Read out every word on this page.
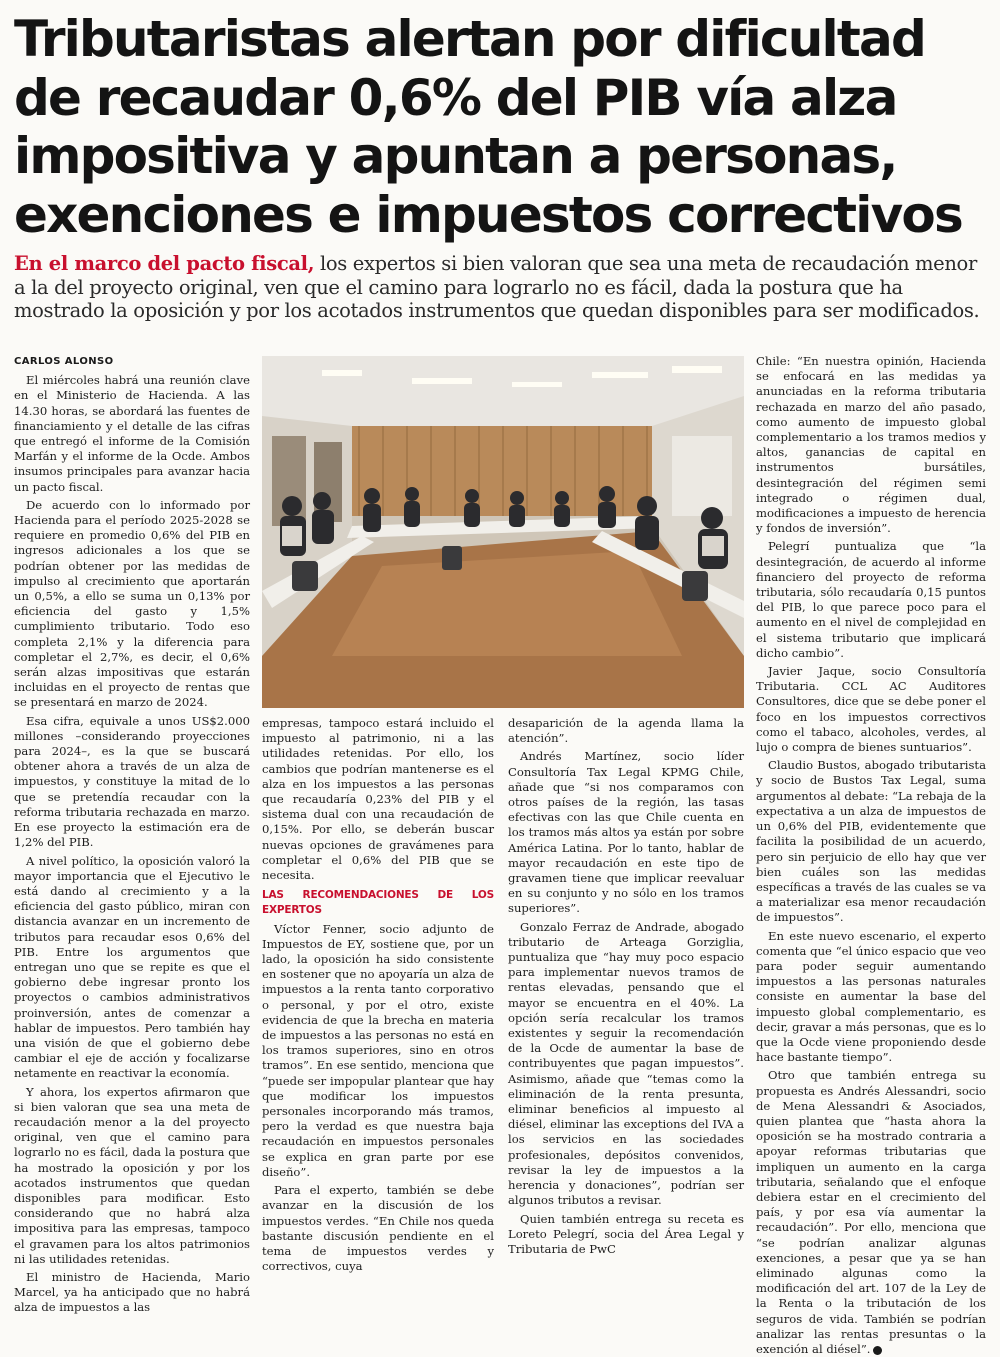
Tributaristas alertan por dificultad de recaudar 0,6% del PIB vía alza impositiva y apuntan a personas, exenciones e impuestos correctivos
En el marco del pacto fiscal, los expertos si bien valoran que sea una meta de recaudación menor a la del proyecto original, ven que el camino para lograrlo no es fácil, dada la postura que ha mostrado la oposición y por los acotados instrumentos que quedan disponibles para ser modificados.
CARLOS ALONSO

El miércoles habrá una reunión clave en el Ministerio de Hacienda. A las 14.30 horas, se abordará las fuentes de financiamiento y el detalle de las cifras que entregó el informe de la Comisión Marfán y el informe de la Ocde. Ambos insumos principales para avanzar hacia un pacto fiscal.

De acuerdo con lo informado por Hacienda para el período 2025-2028 se requiere en promedio 0,6% del PIB en ingresos adicionales a los que se podrían obtener por las medidas de impulso al crecimiento que aportarán un 0,5%, a ello se suma un 0,13% por eficiencia del gasto y 1,5% cumplimiento tributario. Todo eso completa 2,1% y la diferencia para completar el 2,7%, es decir, el 0,6% serán alzas impositivas que estarán incluidas en el proyecto de rentas que se presentará en marzo de 2024.

Esa cifra, equivale a unos US$2.000 millones –considerando proyecciones para 2024–, es la que se buscará obtener ahora a través de un alza de impuestos, y constituye la mitad de lo que se pretendía recaudar con la reforma tributaria rechazada en marzo. En ese proyecto la estimación era de 1,2% del PIB.

A nivel político, la oposición valoró la mayor importancia que el Ejecutivo le está dando al crecimiento y a la eficiencia del gasto público, miran con distancia avanzar en un incremento de tributos para recaudar esos 0,6% del PIB. Entre los argumentos que entregan uno que se repite es que el gobierno debe ingresar pronto los proyectos o cambios administrativos proinversión, antes de comenzar a hablar de impuestos. Pero también hay una visión de que el gobierno debe cambiar el eje de acción y focalizarse netamente en reactivar la economía.

Y ahora, los expertos afirmaron que si bien valoran que sea una meta de recaudación menor a la del proyecto original, ven que el camino para lograrlo no es fácil, dada la postura que ha mostrado la oposición y por los acotados instrumentos que quedan disponibles para modificar. Esto considerando que no habrá alza impositiva para las empresas, tampoco el gravamen para los altos patrimonios ni las utilidades retenidas.

El ministro de Hacienda, Mario Marcel, ya ha anticipado que no habrá alza de impuestos a las

empresas, tampoco estará incluido el impuesto al patrimonio, ni a las utilidades retenidas. Por ello, los cambios que podrían mantenerse es el alza en los impuestos a las personas que recaudaría 0,23% del PIB y el sistema dual con una recaudación de 0,15%. Por ello, se deberán buscar nuevas opciones de gravámenes para completar el 0,6% del PIB que se necesita.

LAS RECOMENDACIONES DE LOS EXPERTOS

Víctor Fenner, socio adjunto de Impuestos de EY, sostiene que, por un lado, la oposición ha sido consistente en sostener que no apoyaría un alza de impuestos a la renta tanto corporativo o personal, y por el otro, existe evidencia de que la brecha en materia de impuestos a las personas no está en los tramos superiores, sino en otros tramos”. En ese sentido, menciona que “puede ser impopular plantear que hay que modificar los impuestos personales incorporando más tramos, pero la verdad es que nuestra baja recaudación en impuestos personales se explica en gran parte por ese diseño”.

Para el experto, también se debe avanzar en la discusión de los impuestos verdes. “En Chile nos queda bastante discusión pendiente en el tema de impuestos verdes y correctivos, cuya

desaparición de la agenda llama la atención”.

Andrés Martínez, socio líder Consultoría Tax Legal KPMG Chile, añade que “si nos comparamos con otros países de la región, las tasas efectivas con las que Chile cuenta en los tramos más altos ya están por sobre América Latina. Por lo tanto, hablar de mayor recaudación en este tipo de gravamen tiene que implicar reevaluar en su conjunto y no sólo en los tramos superiores”.

Gonzalo Ferraz de Andrade, abogado tributario de Arteaga Gorziglia, puntualiza que “hay muy poco espacio para implementar nuevos tramos de rentas elevadas, pensando que el mayor se encuentra en el 40%. La opción sería recalcular los tramos existentes y seguir la recomendación de la Ocde de aumentar la base de contribuyentes que pagan impuestos”. Asimismo, añade que “temas como la eliminación de la renta presunta, eliminar beneficios al impuesto al diésel, eliminar las exceptions del IVA a los servicios en las sociedades profesionales, depósitos convenidos, revisar la ley de impuestos a la herencia y donaciones”, podrían ser algunos tributos a revisar.

Quien también entrega su receta es Loreto Pelegrí, socia del Área Legal y Tributaria de PwC

Chile: “En nuestra opinión, Hacienda se enfocará en las medidas ya anunciadas en la reforma tributaria rechazada en marzo del año pasado, como aumento de impuesto global complementario a los tramos medios y altos, ganancias de capital en instrumentos bursátiles, desintegración del régimen semi integrado o régimen dual, modificaciones a impuesto de herencia y fondos de inversión”.

Pelegrí puntualiza que “la desintegración, de acuerdo al informe financiero del proyecto de reforma tributaria, sólo recaudaría 0,15 puntos del PIB, lo que parece poco para el aumento en el nivel de complejidad en el sistema tributario que implicará dicho cambio”.

Javier Jaque, socio Consultoría Tributaria. CCL AC Auditores Consultores, dice que se debe poner el foco en los impuestos correctivos como el tabaco, alcoholes, verdes, al lujo o compra de bienes suntuarios”.

Claudio Bustos, abogado tributarista y socio de Bustos Tax Legal, suma argumentos al debate: “La rebaja de la expectativa a un alza de impuestos de un 0,6% del PIB, evidentemente que facilita la posibilidad de un acuerdo, pero sin perjuicio de ello hay que ver bien cuáles son las medidas específicas a través de las cuales se va a materializar esa menor recaudación de impuestos”.

En este nuevo escenario, el experto comenta que “el único espacio que veo para poder seguir aumentando impuestos a las personas naturales consiste en aumentar la base del impuesto global complementario, es decir, gravar a más personas, que es lo que la Ocde viene proponiendo desde hace bastante tiempo”.

Otro que también entrega su propuesta es Andrés Alessandri, socio de Mena Alessandri & Asociados, quien plantea que “hasta ahora la oposición se ha mostrado contraria a apoyar reformas tributarias que impliquen un aumento en la carga tributaria, señalando que el enfoque debiera estar en el crecimiento del país, y por esa vía aumentar la recaudación”. Por ello, menciona que “se podrían analizar algunas exenciones, a pesar que ya se han eliminado algunas como la modificación del art. 107 de la Ley de la Renta o la tributación de los seguros de vida. También se podrían analizar las rentas presuntas o la exención al diésel”.
